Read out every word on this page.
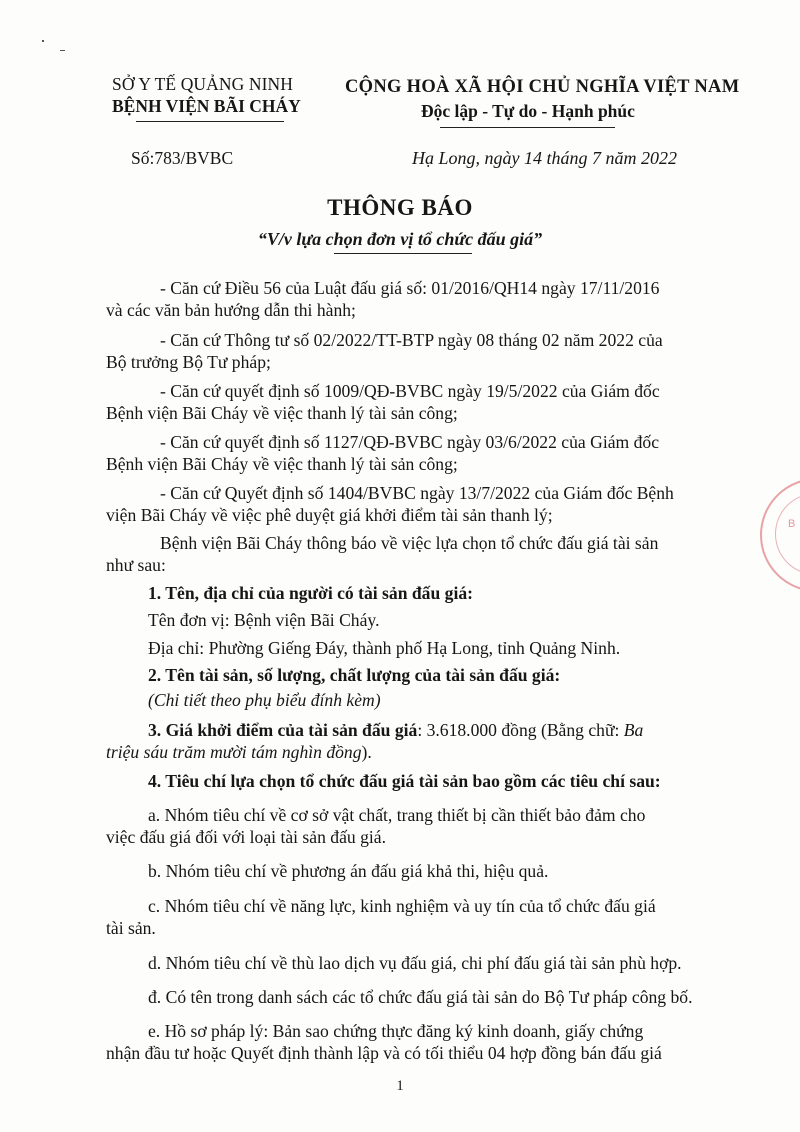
SỞ Y TẾ QUẢNG NINH
BỆNH VIỆN BÃI CHÁY
CỘNG HOÀ XÃ HỘI CHỦ NGHĨA VIỆT NAM
Độc lập - Tự do - Hạnh phúc
Số:783/BVBC	Hạ Long, ngày 14 tháng 7 năm 2022
THÔNG BÁO
“V/v lựa chọn đơn vị tổ chức đấu giá”
- Căn cứ Điều 56 của Luật đấu giá số: 01/2016/QH14 ngày 17/11/2016
và các văn bản hướng dẫn thi hành;
- Căn cứ Thông tư số 02/2022/TT-BTP ngày 08 tháng 02 năm 2022 của
Bộ trưởng Bộ Tư pháp;
- Căn cứ quyết định số 1009/QĐ-BVBC ngày 19/5/2022 của Giám đốc
Bệnh viện Bãi Cháy về việc thanh lý tài sản công;
- Căn cứ quyết định số 1127/QĐ-BVBC ngày 03/6/2022 của Giám đốc
Bệnh viện Bãi Cháy về việc thanh lý tài sản công;
- Căn cứ Quyết định số 1404/BVBC ngày 13/7/2022 của Giám đốc Bệnh
viện Bãi Cháy về việc phê duyệt giá khởi điểm tài sản thanh lý;
Bệnh viện Bãi Cháy thông báo về việc lựa chọn tổ chức đấu giá tài sản
như sau:
1. Tên, địa chỉ của người có tài sản đấu giá:
Tên đơn vị: Bệnh viện Bãi Cháy.
Địa chỉ: Phường Giếng Đáy, thành phố Hạ Long, tỉnh Quảng Ninh.
2. Tên tài sản, số lượng, chất lượng của tài sản đấu giá:
(Chi tiết theo phụ biểu đính kèm)
3. Giá khởi điểm của tài sản đấu giá: 3.618.000 đồng (Bằng chữ: Ba
triệu sáu trăm mười tám nghìn đồng).
4. Tiêu chí lựa chọn tổ chức đấu giá tài sản bao gồm các tiêu chí sau:
a. Nhóm tiêu chí về cơ sở vật chất, trang thiết bị cần thiết bảo đảm cho
việc đấu giá đối với loại tài sản đấu giá.
b. Nhóm tiêu chí về phương án đấu giá khả thi, hiệu quả.
c. Nhóm tiêu chí về năng lực, kinh nghiệm và uy tín của tổ chức đấu giá
tài sản.
d. Nhóm tiêu chí về thù lao dịch vụ đấu giá, chi phí đấu giá tài sản phù hợp.
đ. Có tên trong danh sách các tổ chức đấu giá tài sản do Bộ Tư pháp công bố.
e. Hồ sơ pháp lý: Bản sao chứng thực đăng ký kinh doanh, giấy chứng
nhận đầu tư hoặc Quyết định thành lập và có tối thiểu 04 hợp đồng bán đấu giá
1
B
